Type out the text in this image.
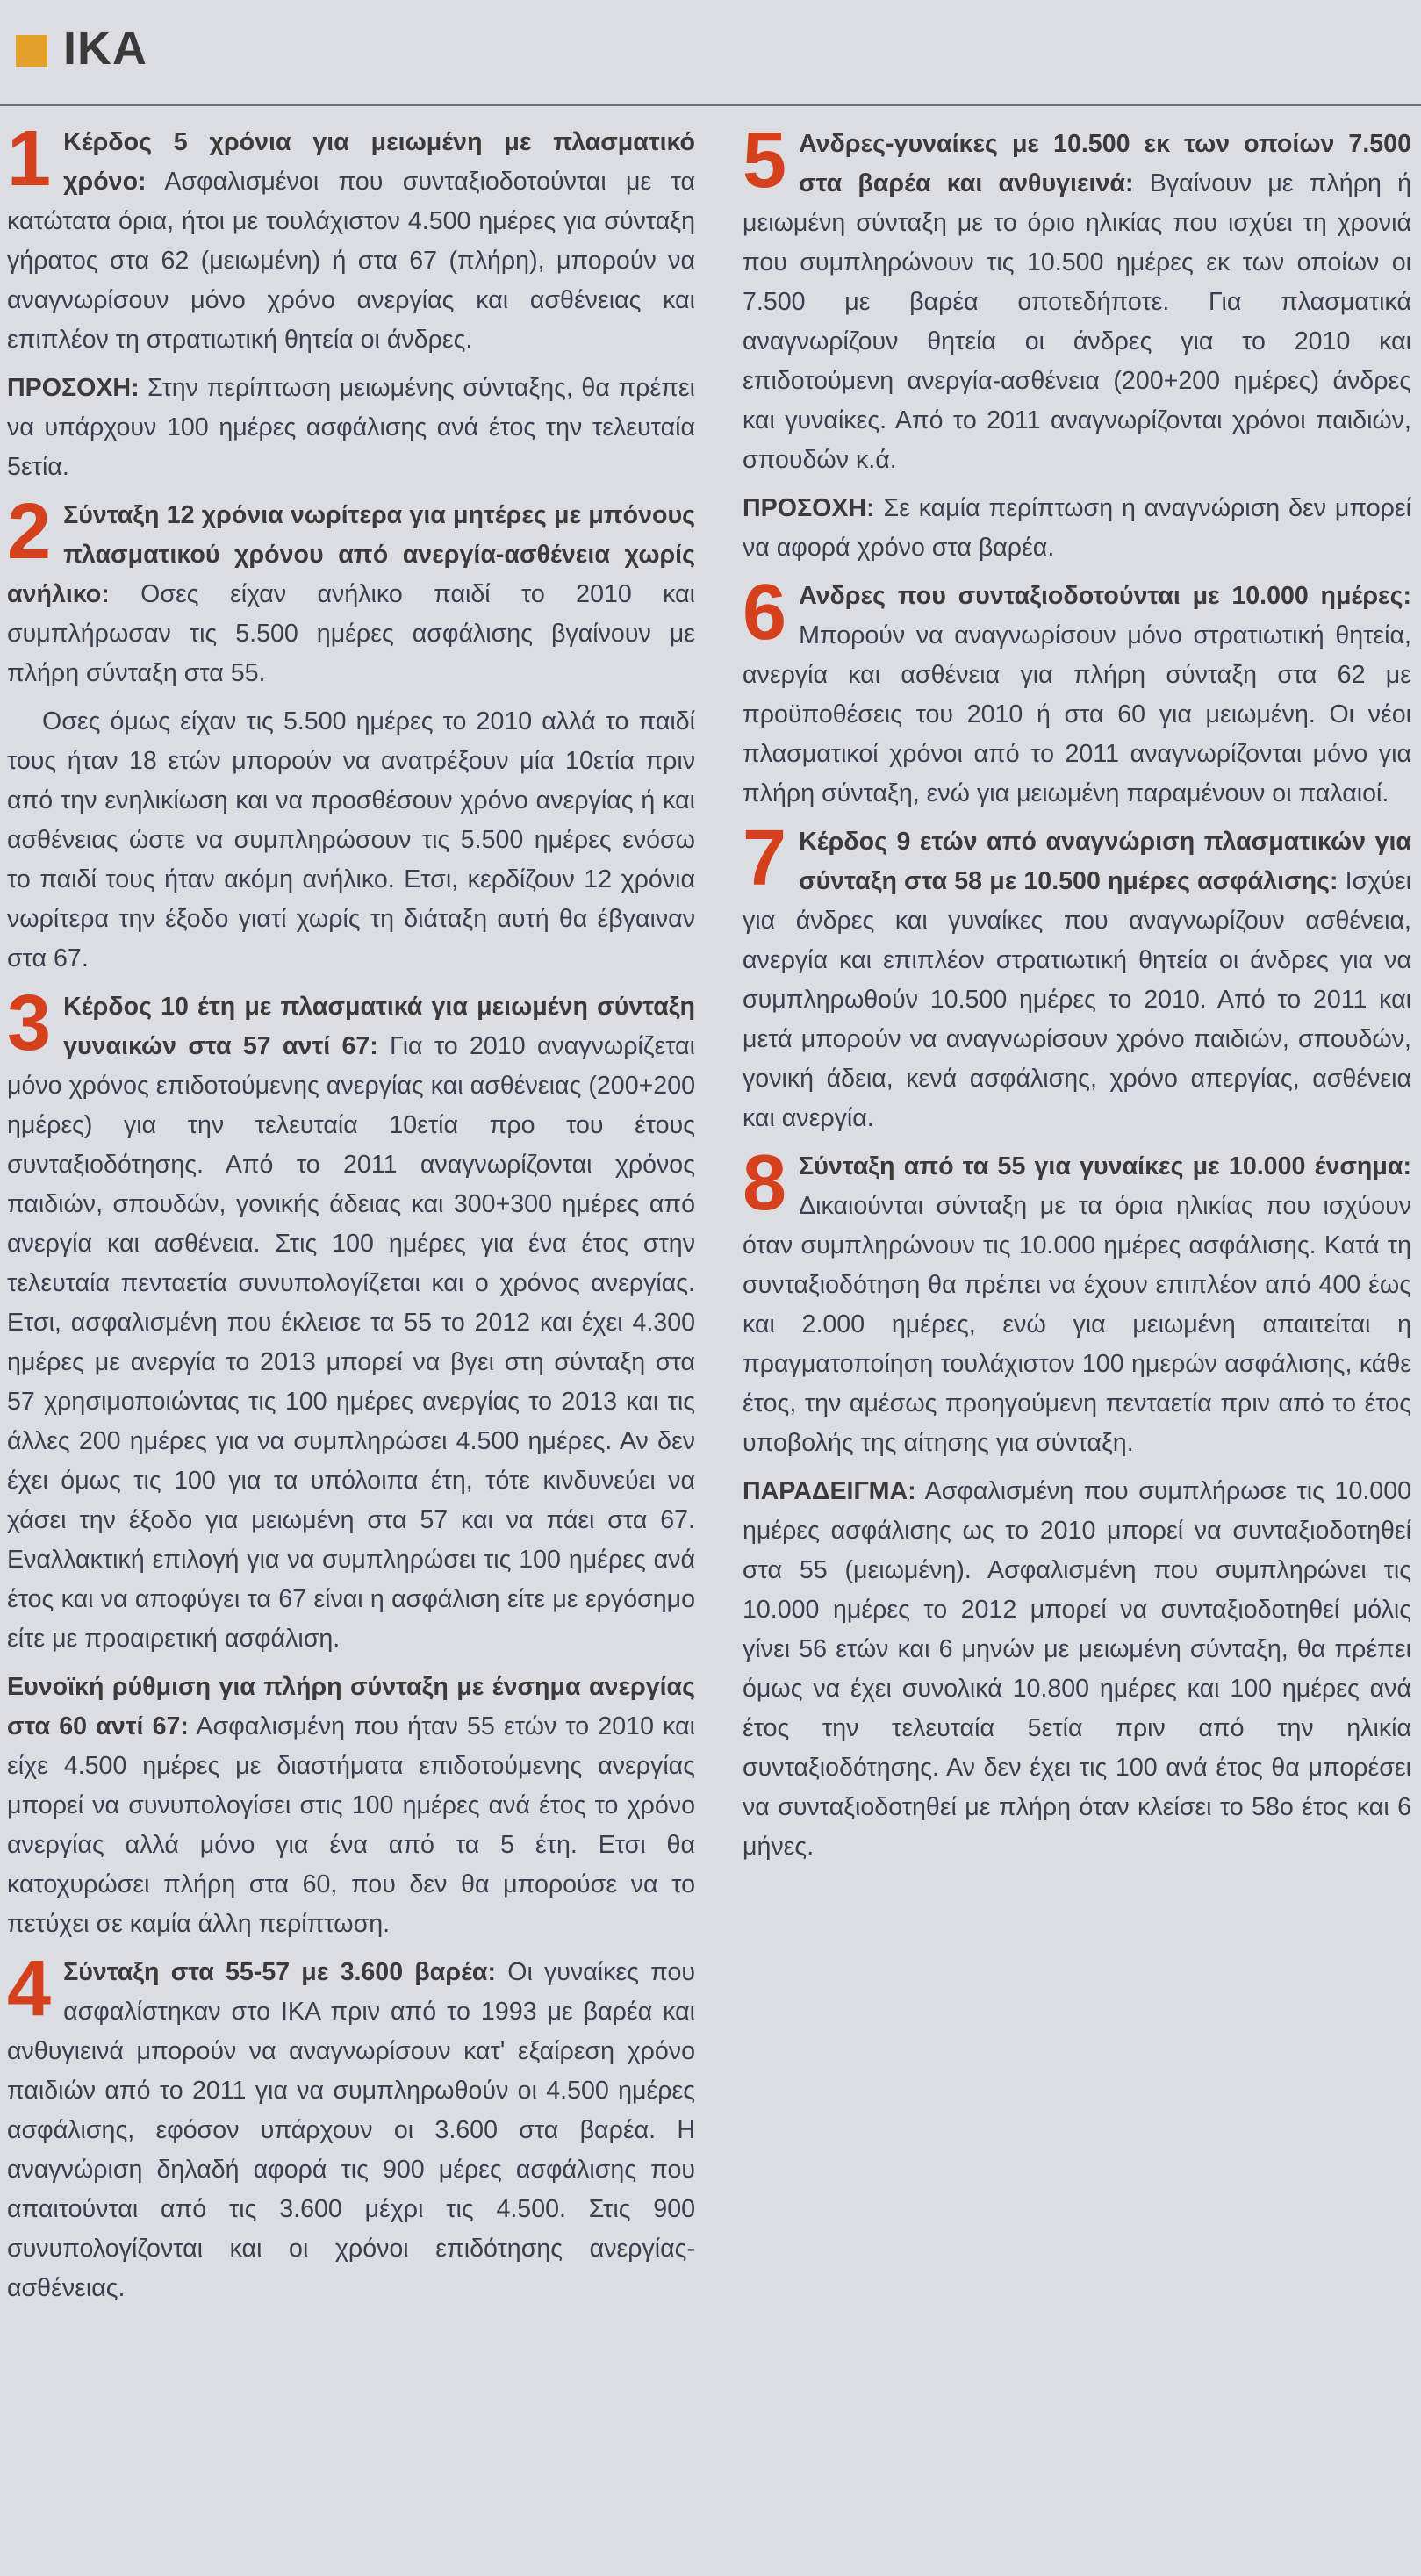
ΙΚΑ

1 Κέρδος 5 χρόνια για μειωμένη με πλασματικό χρόνο: Ασφαλισμένοι που συνταξιοδοτούνται με τα κατώτατα όρια, ήτοι με τουλάχιστον 4.500 ημέρες για σύνταξη γήρατος στα 62 (μειωμένη) ή στα 67 (πλήρη), μπορούν να αναγνωρίσουν μόνο χρόνο ανεργίας και ασθένειας και επιπλέον τη στρατιωτική θητεία οι άνδρες.

ΠΡΟΣΟΧΗ: Στην περίπτωση μειωμένης σύνταξης, θα πρέπει να υπάρχουν 100 ημέρες ασφάλισης ανά έτος την τελευταία 5ετία.

2 Σύνταξη 12 χρόνια νωρίτερα για μητέρες με μπόνους πλασματικού χρόνου από ανεργία-ασθένεια χωρίς ανήλικο: Οσες είχαν ανήλικο παιδί το 2010 και συμπλήρωσαν τις 5.500 ημέρες ασφάλισης βγαίνουν με πλήρη σύνταξη στα 55.

Οσες όμως είχαν τις 5.500 ημέρες το 2010 αλλά το παιδί τους ήταν 18 ετών μπορούν να ανατρέξουν μία 10ετία πριν από την ενηλικίωση και να προσθέσουν χρόνο ανεργίας ή και ασθένειας ώστε να συμπληρώσουν τις 5.500 ημέρες ενόσω το παιδί τους ήταν ακόμη ανήλικο. Ετσι, κερδίζουν 12 χρόνια νωρίτερα την έξοδο γιατί χωρίς τη διάταξη αυτή θα έβγαιναν στα 67.

3 Κέρδος 10 έτη με πλασματικά για μειωμένη σύνταξη γυναικών στα 57 αντί 67: Για το 2010 αναγνωρίζεται μόνο χρόνος επιδοτούμενης ανεργίας και ασθένειας (200+200 ημέρες) για την τελευταία 10ετία προ του έτους συνταξιοδότησης. Από το 2011 αναγνωρίζονται χρόνος παιδιών, σπουδών, γονικής άδειας και 300+300 ημέρες από ανεργία και ασθένεια. Στις 100 ημέρες για ένα έτος στην τελευταία πενταετία συνυπολογίζεται και ο χρόνος ανεργίας. Ετσι, ασφαλισμένη που έκλεισε τα 55 το 2012 και έχει 4.300 ημέρες με ανεργία το 2013 μπορεί να βγει στη σύνταξη στα 57 χρησιμοποιώντας τις 100 ημέρες ανεργίας το 2013 και τις άλλες 200 ημέρες για να συμπληρώσει 4.500 ημέρες. Αν δεν έχει όμως τις 100 για τα υπόλοιπα έτη, τότε κινδυνεύει να χάσει την έξοδο για μειωμένη στα 57 και να πάει στα 67. Εναλλακτική επιλογή για να συμπληρώσει τις 100 ημέρες ανά έτος και να αποφύγει τα 67 είναι η ασφάλιση είτε με εργόσημο είτε με προαιρετική ασφάλιση.

Ευνοϊκή ρύθμιση για πλήρη σύνταξη με ένσημα ανεργίας στα 60 αντί 67: Ασφαλισμένη που ήταν 55 ετών το 2010 και είχε 4.500 ημέρες με διαστήματα επιδοτούμενης ανεργίας μπορεί να συνυπολογίσει στις 100 ημέρες ανά έτος το χρόνο ανεργίας αλλά μόνο για ένα από τα 5 έτη. Ετσι θα κατοχυρώσει πλήρη στα 60, που δεν θα μπορούσε να το πετύχει σε καμία άλλη περίπτωση.

4 Σύνταξη στα 55-57 με 3.600 βαρέα: Οι γυναίκες που ασφαλίστηκαν στο ΙΚΑ πριν από το 1993 με βαρέα και ανθυγιεινά μπορούν να αναγνωρίσουν κατ' εξαίρεση χρόνο παιδιών από το 2011 για να συμπληρωθούν οι 4.500 ημέρες ασφάλισης, εφόσον υπάρχουν οι 3.600 στα βαρέα. Η αναγνώριση δηλαδή αφορά τις 900 μέρες ασφάλισης που απαιτούνται από τις 3.600 μέχρι τις 4.500. Στις 900 συνυπολογίζονται και οι χρόνοι επιδότησης ανεργίας-ασθένειας.

5 Ανδρες-γυναίκες με 10.500 εκ των οποίων 7.500 στα βαρέα και ανθυγιεινά: Βγαίνουν με πλήρη ή μειωμένη σύνταξη με το όριο ηλικίας που ισχύει τη χρονιά που συμπληρώνουν τις 10.500 ημέρες εκ των οποίων οι 7.500 με βαρέα οποτεδήποτε. Για πλασματικά αναγνωρίζουν θητεία οι άνδρες για το 2010 και επιδοτούμενη ανεργία-ασθένεια (200+200 ημέρες) άνδρες και γυναίκες. Από το 2011 αναγνωρίζονται χρόνοι παιδιών, σπουδών κ.ά.

ΠΡΟΣΟΧΗ: Σε καμία περίπτωση η αναγνώριση δεν μπορεί να αφορά χρόνο στα βαρέα.

6 Ανδρες που συνταξιοδοτούνται με 10.000 ημέρες: Μπορούν να αναγνωρίσουν μόνο στρατιωτική θητεία, ανεργία και ασθένεια για πλήρη σύνταξη στα 62 με προϋποθέσεις του 2010 ή στα 60 για μειωμένη. Οι νέοι πλασματικοί χρόνοι από το 2011 αναγνωρίζονται μόνο για πλήρη σύνταξη, ενώ για μειωμένη παραμένουν οι παλαιοί.

7 Κέρδος 9 ετών από αναγνώριση πλασματικών για σύνταξη στα 58 με 10.500 ημέρες ασφάλισης: Ισχύει για άνδρες και γυναίκες που αναγνωρίζουν ασθένεια, ανεργία και επιπλέον στρατιωτική θητεία οι άνδρες για να συμπληρωθούν 10.500 ημέρες το 2010. Από το 2011 και μετά μπορούν να αναγνωρίσουν χρόνο παιδιών, σπουδών, γονική άδεια, κενά ασφάλισης, χρόνο απεργίας, ασθένεια και ανεργία.

8 Σύνταξη από τα 55 για γυναίκες με 10.000 ένσημα: Δικαιούνται σύνταξη με τα όρια ηλικίας που ισχύουν όταν συμπληρώνουν τις 10.000 ημέρες ασφάλισης. Κατά τη συνταξιοδότηση θα πρέπει να έχουν επιπλέον από 400 έως και 2.000 ημέρες, ενώ για μειωμένη απαιτείται η πραγματοποίηση τουλάχιστον 100 ημερών ασφάλισης, κάθε έτος, την αμέσως προηγούμενη πενταετία πριν από το έτος υποβολής της αίτησης για σύνταξη.

ΠΑΡΑΔΕΙΓΜΑ: Ασφαλισμένη που συμπλήρωσε τις 10.000 ημέρες ασφάλισης ως το 2010 μπορεί να συνταξιοδοτηθεί στα 55 (μειωμένη). Ασφαλισμένη που συμπληρώνει τις 10.000 ημέρες το 2012 μπορεί να συνταξιοδοτηθεί μόλις γίνει 56 ετών και 6 μηνών με μειωμένη σύνταξη, θα πρέπει όμως να έχει συνολικά 10.800 ημέρες και 100 ημέρες ανά έτος την τελευταία 5ετία πριν από την ηλικία συνταξιοδότησης. Αν δεν έχει τις 100 ανά έτος θα μπορέσει να συνταξιοδοτηθεί με πλήρη όταν κλείσει το 58ο έτος και 6 μήνες.
